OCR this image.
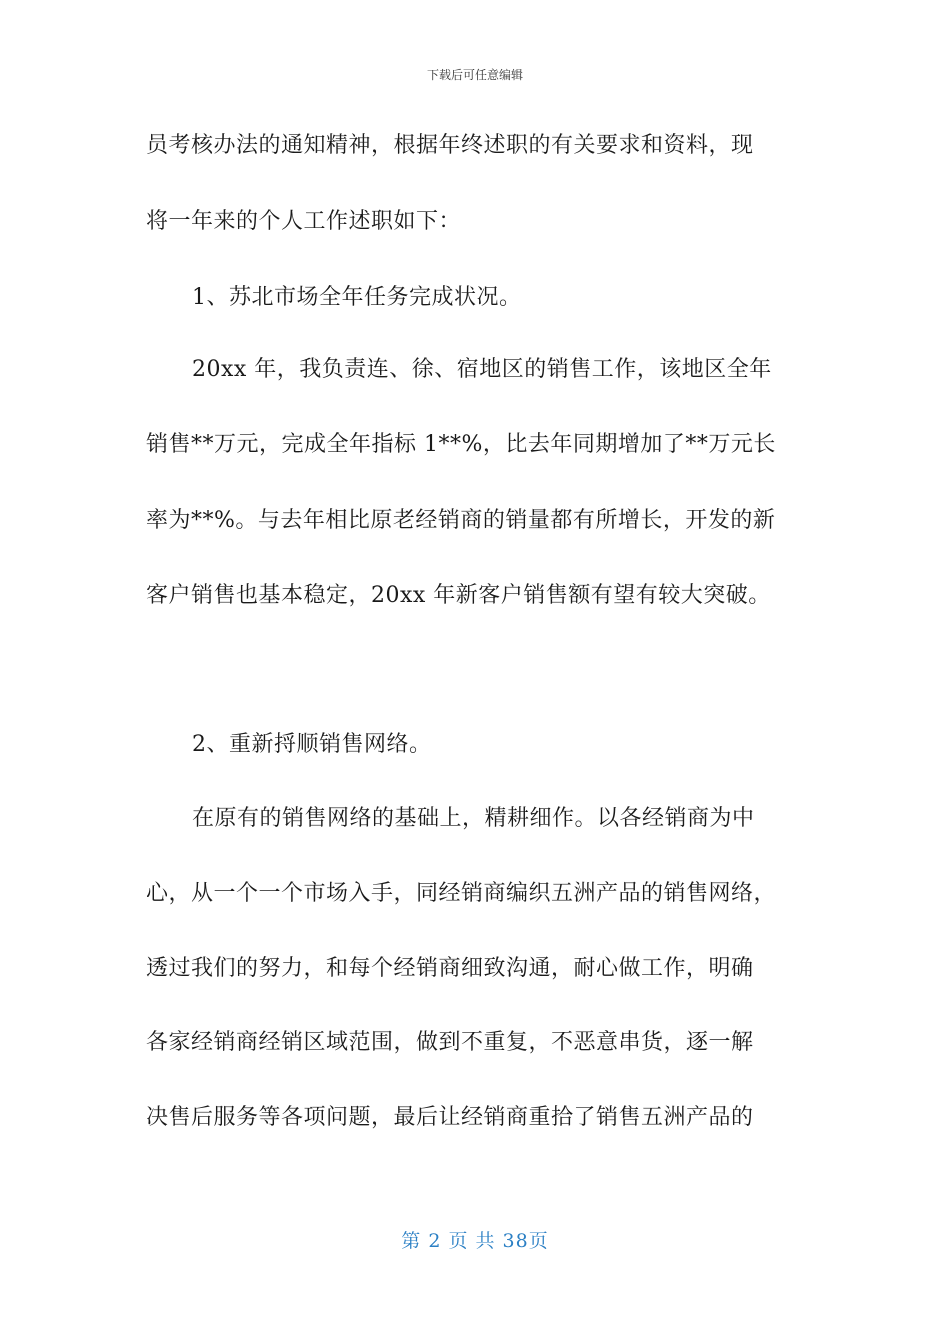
下载后可任意编辑
员考核办法的通知精神，根据年终述职的有关要求和资料，现
将一年来的个人工作述职如下：
1、苏北市场全年任务完成状况。
20xx 年，我负责连、徐、宿地区的销售工作，该地区全年
销售**万元，完成全年指标 1**%，比去年同期增加了**万元长
率为**%。与去年相比原老经销商的销量都有所增长，开发的新
客户销售也基本稳定，20xx 年新客户销售额有望有较大突破。
2、重新捋顺销售网络。
在原有的销售网络的基础上，精耕细作。以各经销商为中
心，从一个一个市场入手，同经销商编织五洲产品的销售网络，
透过我们的努力，和每个经销商细致沟通，耐心做工作，明确
各家经销商经销区域范围，做到不重复，不恶意串货，逐一解
决售后服务等各项问题，最后让经销商重拾了销售五洲产品的
第 2 页 共 38页
